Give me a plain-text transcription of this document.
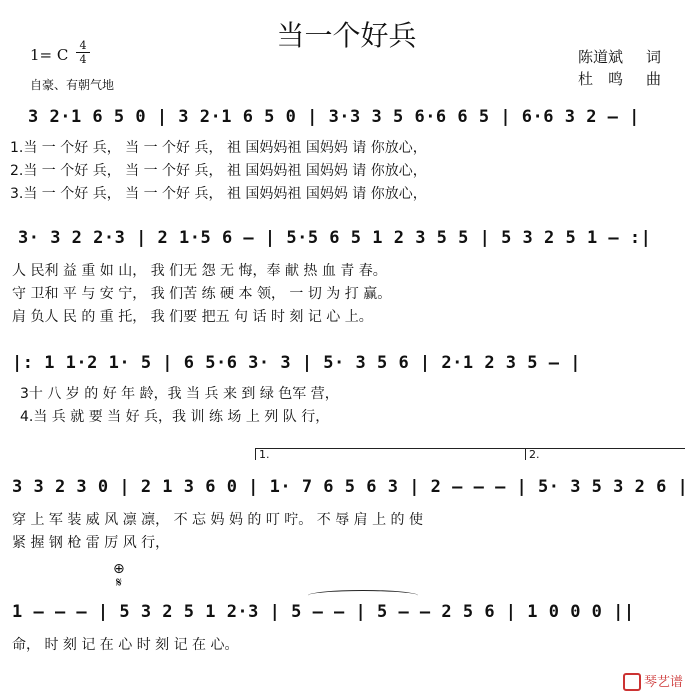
当一个好兵
1= C
4
4
自豪、有朝气地
陈道斌 词
杜　鸣 曲
3 2·1 6 5 0 | 3 2·1 6 5 0 | 3·3 3 5 6·6 6 5 | 6·6 3 2 – |
1.当 一 个好 兵， 当 一 个好 兵， 祖 国妈妈祖 国妈妈 请 你放心，
2.当 一 个好 兵， 当 一 个好 兵， 祖 国妈妈祖 国妈妈 请 你放心，
3.当 一 个好 兵， 当 一 个好 兵， 祖 国妈妈祖 国妈妈 请 你放心，
3· 3 2 2·3 | 2 1·5 6 – | 5·5 6 5 1 2 3 5 5 | 5 3 2 5 1 – :|
人 民利 益 重 如 山， 我 们无 怨 无 悔，奉 献 热 血 青 春。
守 卫和 平 与 安 宁， 我 们苦 练 硬 本 领， 一 切 为 打 赢。
肩 负人 民 的 重 托， 我 们要 把五 句 话 时 刻 记 心 上。
|: 1 1·2 1· 5 | 6 5·6 3· 3 | 5· 3 5 6 | 2·1 2 3 5 – |
3十 八 岁 的 好 年 龄，我 当 兵 来 到 绿 色军 营，
4.当 兵 就 要 当 好 兵，我 训 练 场 上 列 队 行，
1.	2.
3 3 2 3 0 | 2 1 3 6 0 | 1· 7 6 5 6 3 | 2 – – – | 5· 3 5 3 2 6 |
穿 上 军 装 威 风 凛 凛， 不 忘 妈 妈 的 叮 咛。 不 辱 肩 上 的 使
紧 握 钢 枪 雷 厉 风 行，
⊕
𝄋
1 – – – | 5 3 2 5 1 2·3 | 5 – – | 5 – – 2 5 6 | 1 0 0 0 ||
命， 时 刻 记 在 心 时 刻 记 在 心。
琴艺谱
